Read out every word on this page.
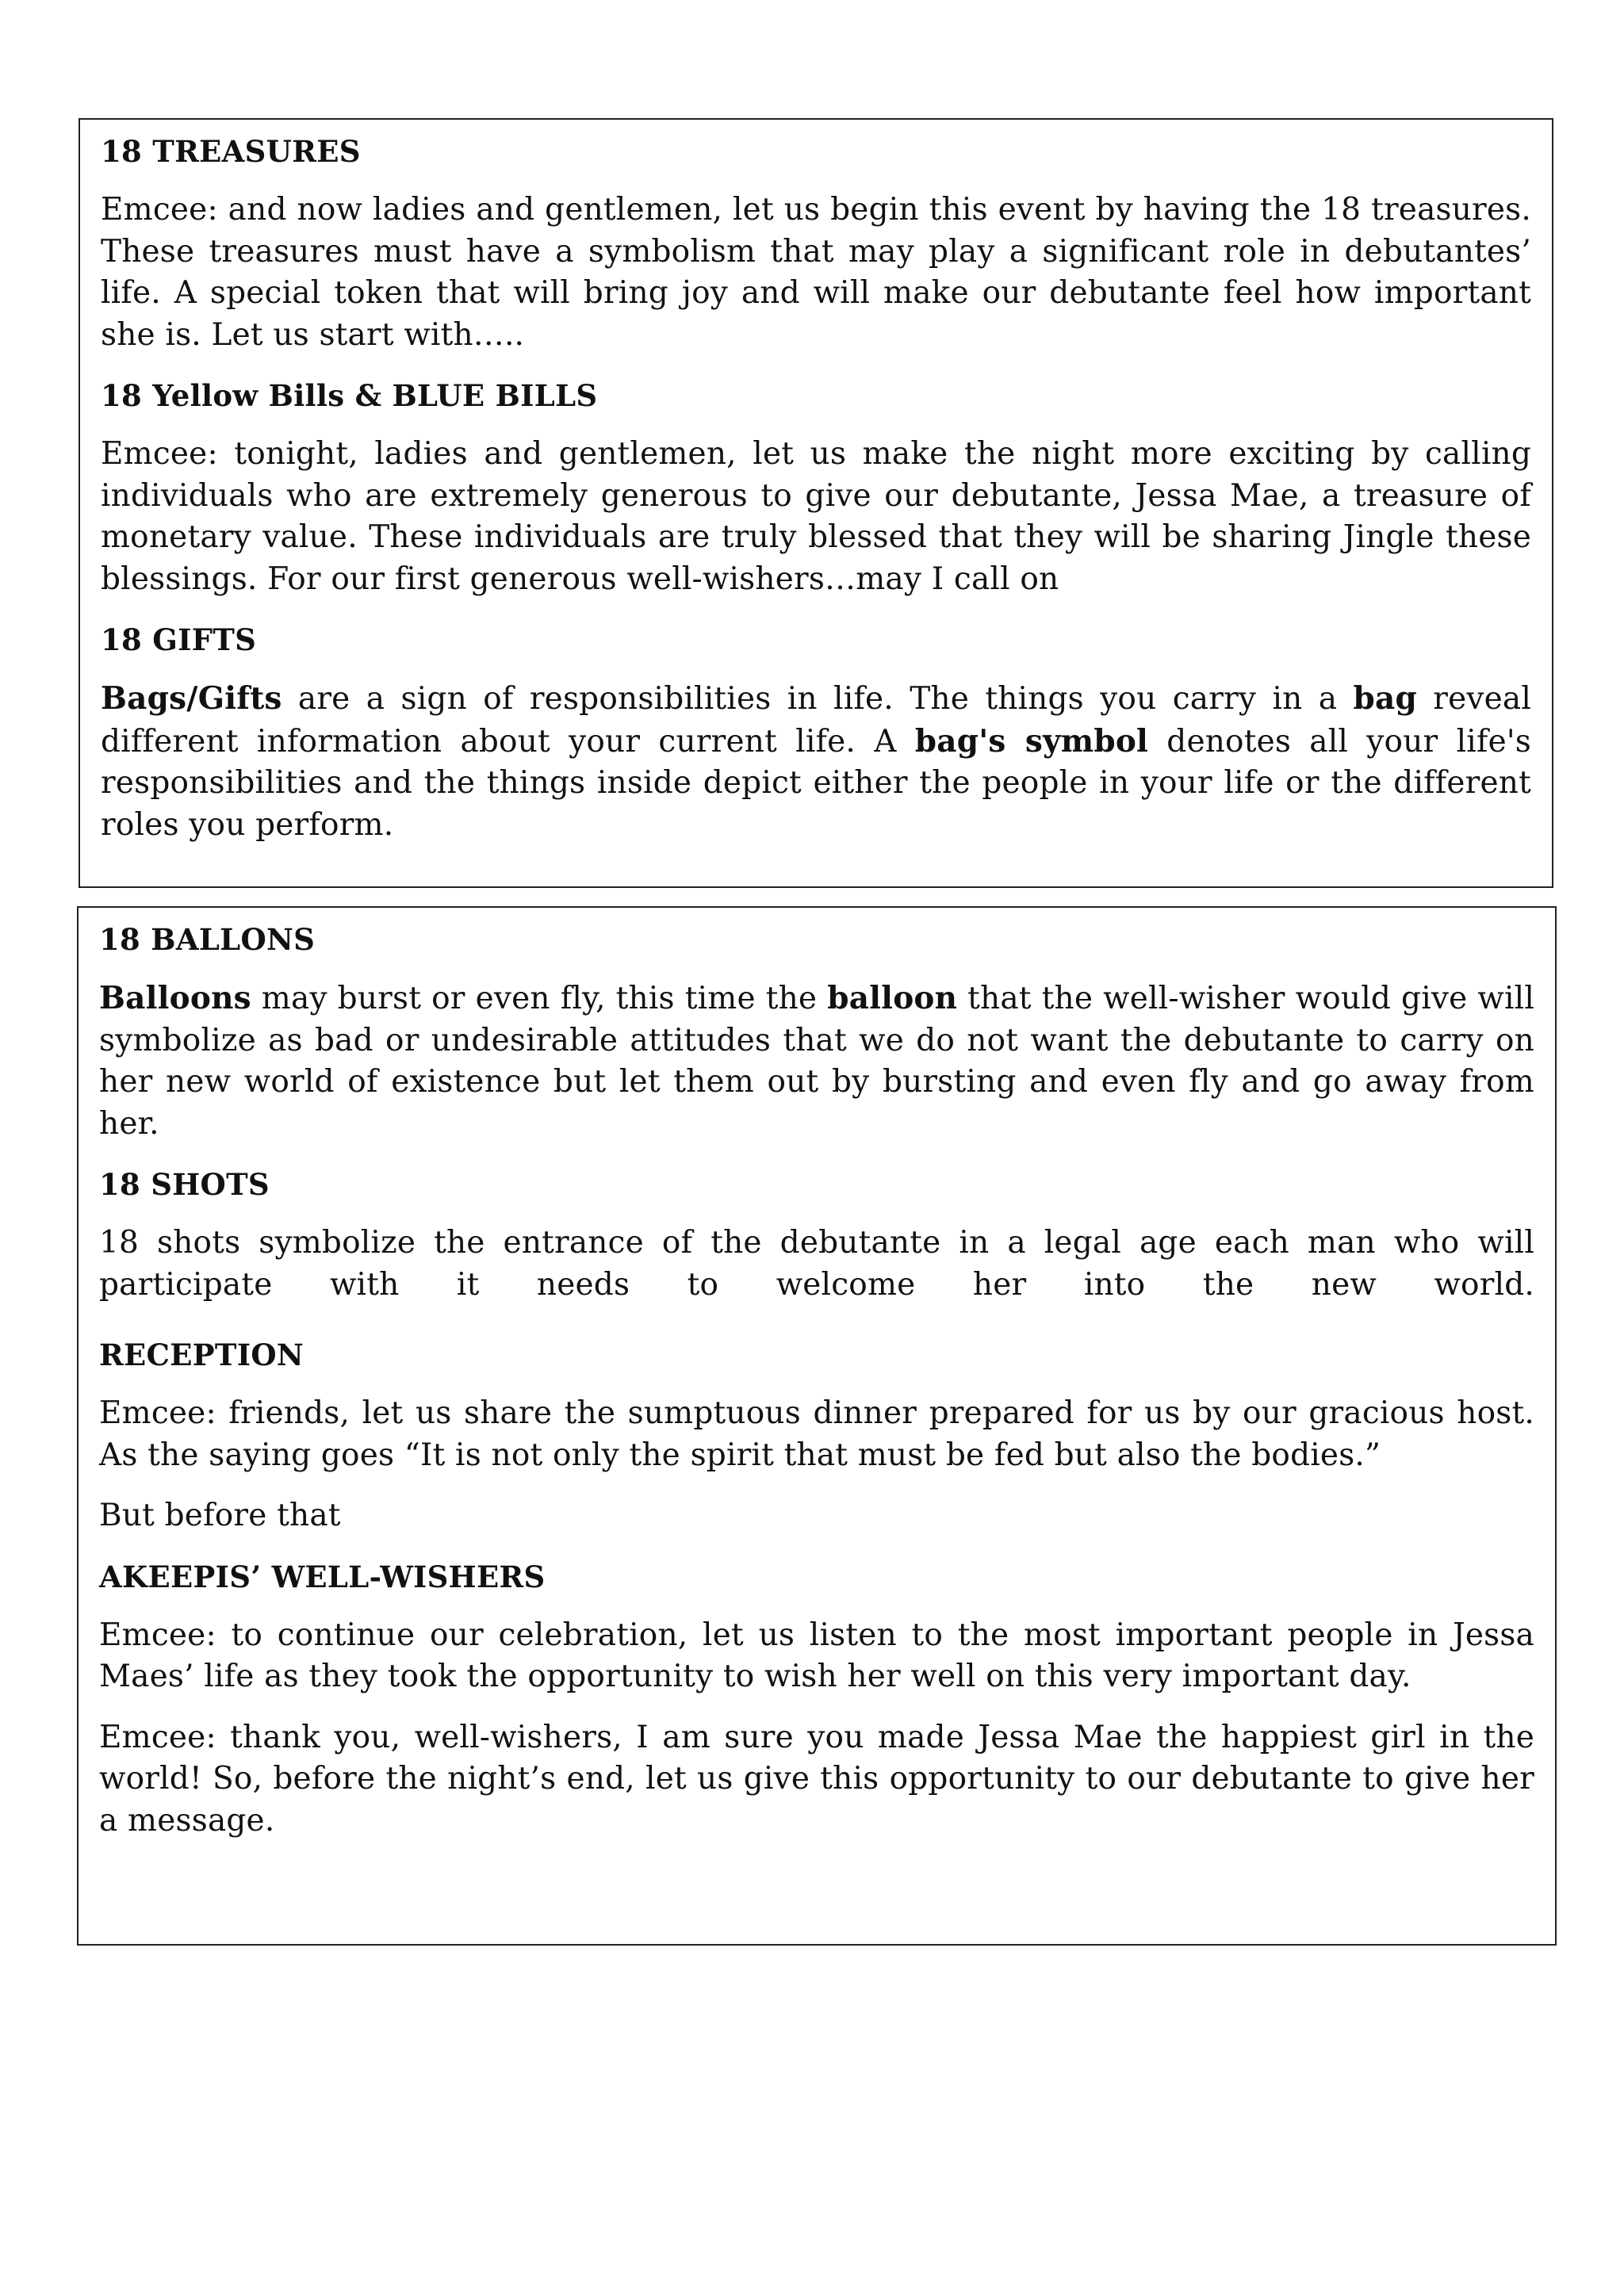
18 TREASURES
Emcee: and now ladies and gentlemen, let us begin this event by having the 18 treasures. These treasures must have a symbolism that may play a significant role in debutantes’ life. A special token that will bring joy and will make our debutante feel how important she is. Let us start with…..
18 Yellow Bills & BLUE BILLS
Emcee: tonight, ladies and gentlemen, let us make the night more exciting by calling individuals who are extremely generous to give our debutante, Jessa Mae, a treasure of monetary value. These individuals are truly blessed that they will be sharing Jingle these blessings. For our first generous well-wishers…may I call on
18 GIFTS
Bags/Gifts are a sign of responsibilities in life. The things you carry in a bag reveal different information about your current life. A bag's symbol denotes all your life's responsibilities and the things inside depict either the people in your life or the different roles you perform.
18 BALLONS
Balloons may burst or even fly, this time the balloon that the well-wisher would give will symbolize as bad or undesirable attitudes that we do not want the debutante to carry on her new world of existence but let them out by bursting and even fly and go away from her.
18 SHOTS
18 shots symbolize the entrance of the debutante in a legal age each man who will participate with it needs to welcome her into the new world.
RECEPTION
Emcee: friends, let us share the sumptuous dinner prepared for us by our gracious host. As the saying goes “It is not only the spirit that must be fed but also the bodies.”
But before that
AKEEPIS’ WELL-WISHERS
Emcee: to continue our celebration, let us listen to the most important people in Jessa Maes’ life as they took the opportunity to wish her well on this very important day.
Emcee: thank you, well-wishers, I am sure you made Jessa Mae the happiest girl in the world! So, before the night’s end, let us give this opportunity to our debutante to give her a message.
